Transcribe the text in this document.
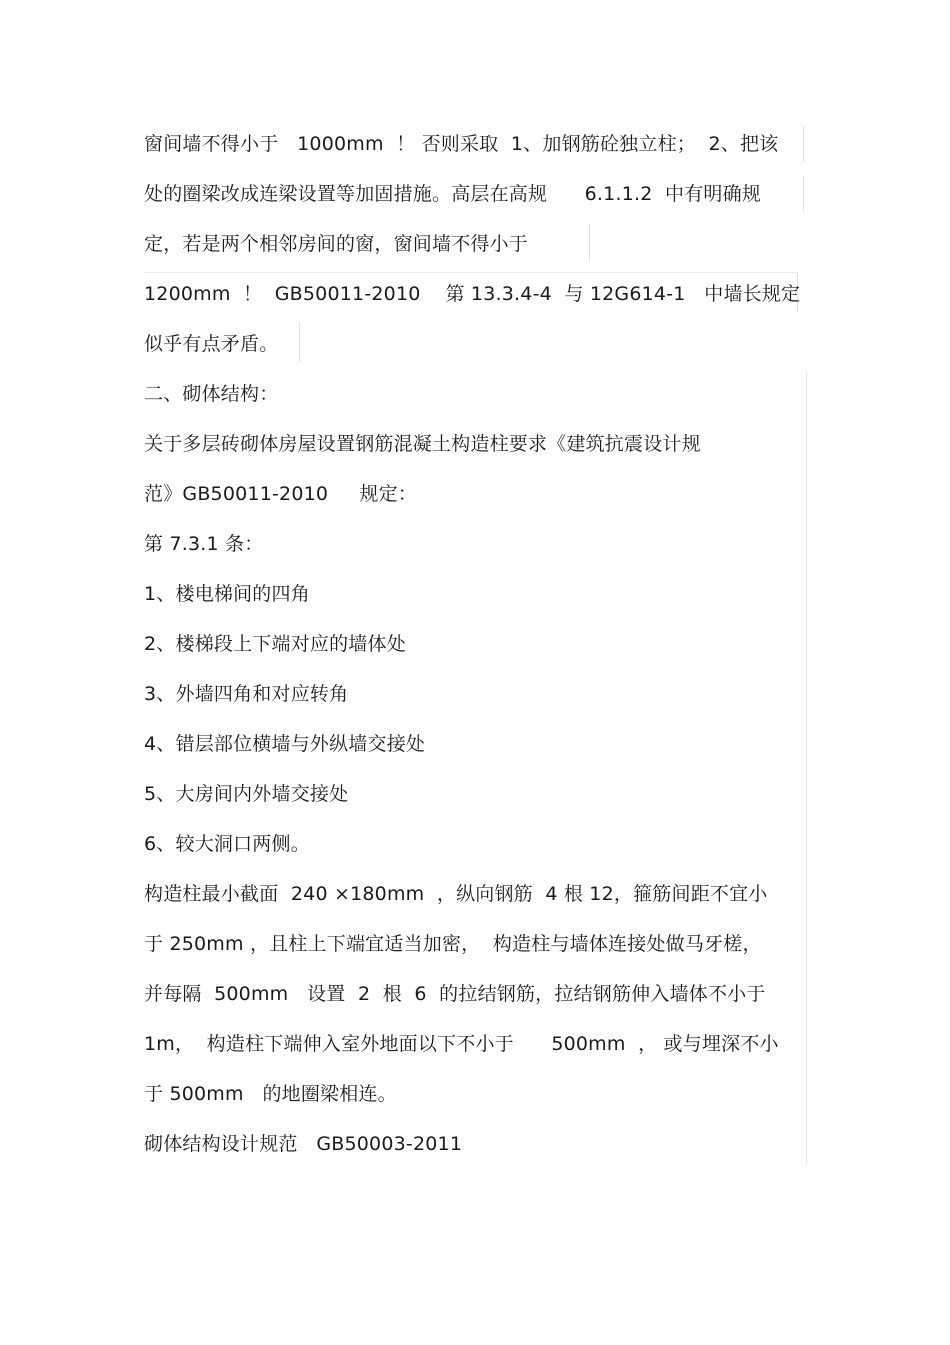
窗间墙不得小于   1000mm  ！ 否则采取  1、加钢筋砼独立柱；  2、把该
处的圈梁改成连梁设置等加固措施。高层在高规      6.1.1.2  中有明确规
定，若是两个相邻房间的窗，窗间墙不得小于
1200mm  ！  GB50011-2010    第 13.3.4-4  与 12G614-1   中墙长规定
似乎有点矛盾。
二、砌体结构：
关于多层砖砌体房屋设置钢筋混凝土构造柱要求《建筑抗震设计规
范》GB50011-2010     规定：
第 7.3.1 条：
1、楼电梯间的四角
2、楼梯段上下端对应的墙体处
3、外墙四角和对应转角
4、错层部位横墙与外纵墙交接处
5、大房间内外墙交接处
6、较大洞口两侧。
构造柱最小截面  240 ×180mm  ，纵向钢筋  4 根 12，箍筋间距不宜小
于 250mm ，且柱上下端宜适当加密，  构造柱与墙体连接处做马牙槎，
并每隔  500mm   设置  2  根  6  的拉结钢筋，拉结钢筋伸入墙体不小于
1m，  构造柱下端伸入室外地面以下不小于      500mm  ， 或与埋深不小
于 500mm   的地圈梁相连。
砌体结构设计规范   GB50003-2011
